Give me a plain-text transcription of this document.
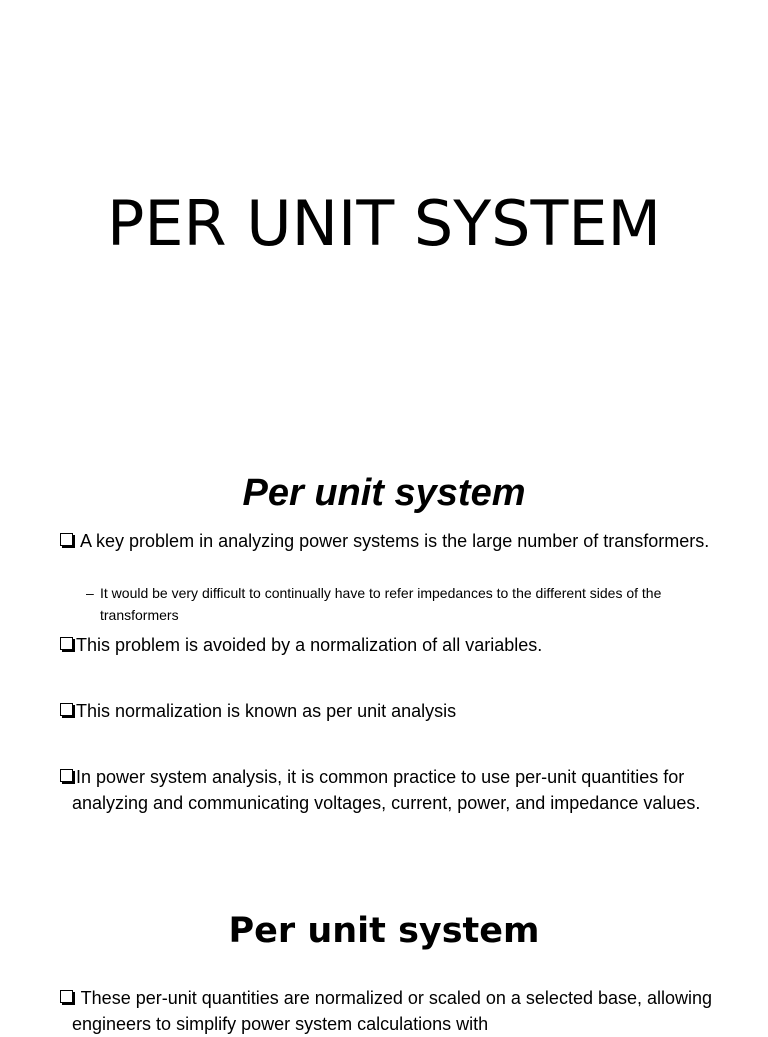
PER UNIT SYSTEM
Per unit system
A key problem in analyzing power systems is the large number of transformers.
– It would be very difficult to continually have to refer impedances to the different sides of the transformers
This problem is avoided by a normalization of all variables.
This normalization is known as per unit analysis
In power system analysis, it is common practice to use per-unit quantities for analyzing and communicating voltages, current, power, and impedance values.
Per unit system
These per-unit quantities are normalized or scaled on a selected base, allowing engineers to simplify power system calculations with
